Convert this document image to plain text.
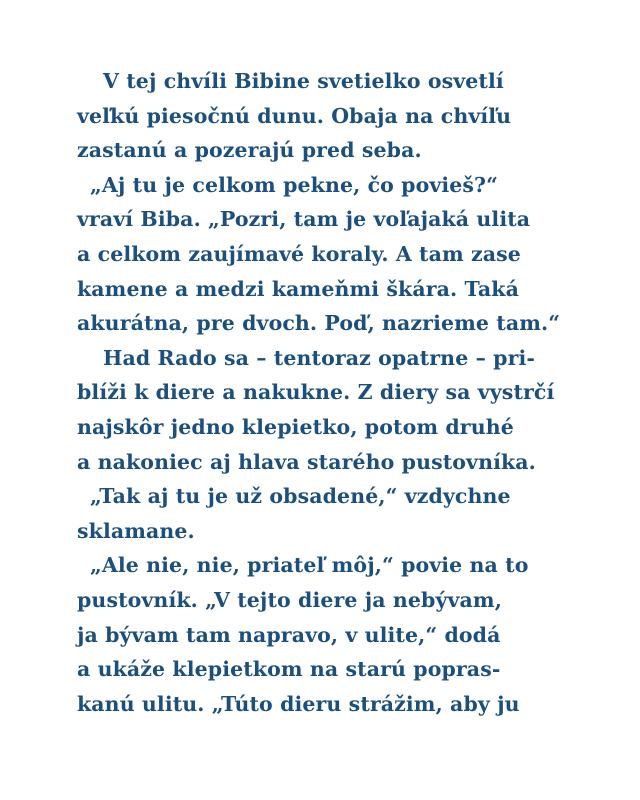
V tej chvíli Bibine svetielko osvetlí
veľkú piesočnú dunu. Obaja na chvíľu
zastanú a pozerajú pred seba.
„Aj tu je celkom pekne, čo povieš?“
vraví Biba. „Pozri, tam je voľajaká ulita
a celkom zaujímavé koraly. A tam zase
kamene a medzi kameňmi škára. Taká
akurátna, pre dvoch. Poď, nazrieme tam.“
Had Rado sa – tentoraz opatrne – pri-
blíži k diere a nakukne. Z diery sa vystrčí
najskôr jedno klepietko, potom druhé
a nakoniec aj hlava starého pustovníka.
„Tak aj tu je už obsadené,“ vzdychne
sklamane.
„Ale nie, nie, priateľ môj,“ povie na to
pustovník. „V tejto diere ja nebývam,
ja bývam tam napravo, v ulite,“ dodá
a ukáže klepietkom na starú popras-
kanú ulitu. „Túto dieru strážim, aby ju
